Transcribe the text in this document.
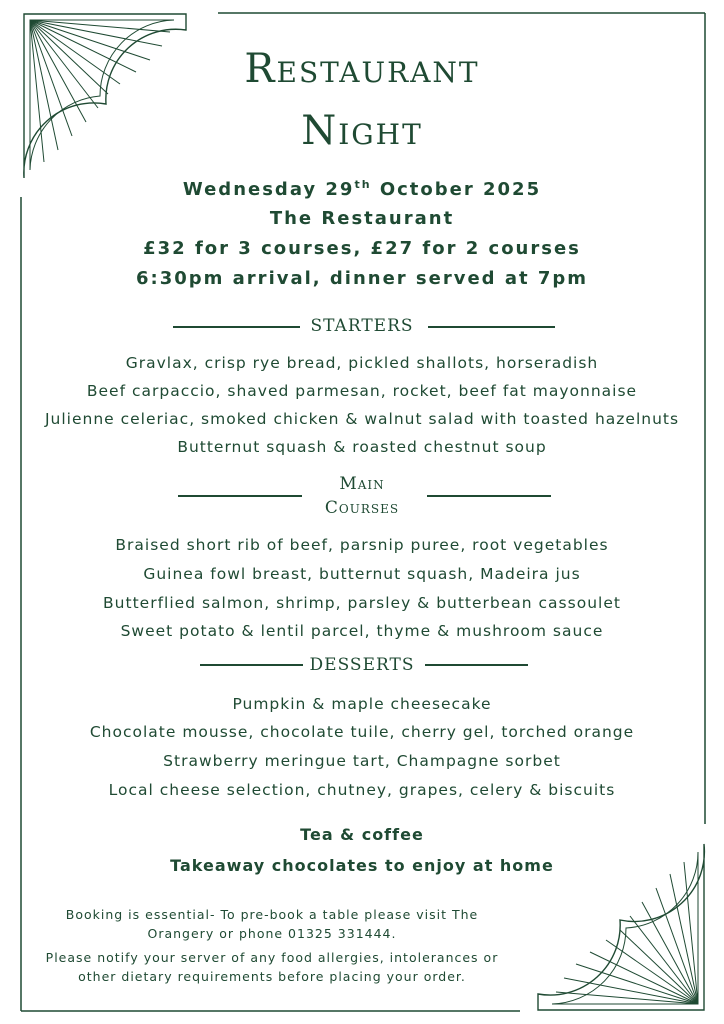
Restaurant
Night
Wednesday 29th October 2025
The Restaurant
£32 for 3 courses, £27 for 2 courses
6:30pm arrival, dinner served at 7pm
STARTERS
Gravlax, crisp rye bread, pickled shallots, horseradish
Beef carpaccio, shaved parmesan, rocket, beef fat mayonnaise
Julienne celeriac, smoked chicken & walnut salad with toasted hazelnuts
Butternut squash & roasted chestnut soup
Main
Courses
Braised short rib of beef, parsnip puree, root vegetables
Guinea fowl breast, butternut squash, Madeira jus
Butterflied salmon, shrimp, parsley & butterbean cassoulet
Sweet potato & lentil parcel, thyme & mushroom sauce
DESSERTS
Pumpkin & maple cheesecake
Chocolate mousse, chocolate tuile, cherry gel, torched orange
Strawberry meringue tart, Champagne sorbet
Local cheese selection, chutney, grapes, celery & biscuits
Tea & coffee
Takeaway chocolates to enjoy at home
Booking is essential- To pre-book a table please visit The
Orangery or phone 01325 331444.
Please notify your server of any food allergies, intolerances or
other dietary requirements before placing your order.
